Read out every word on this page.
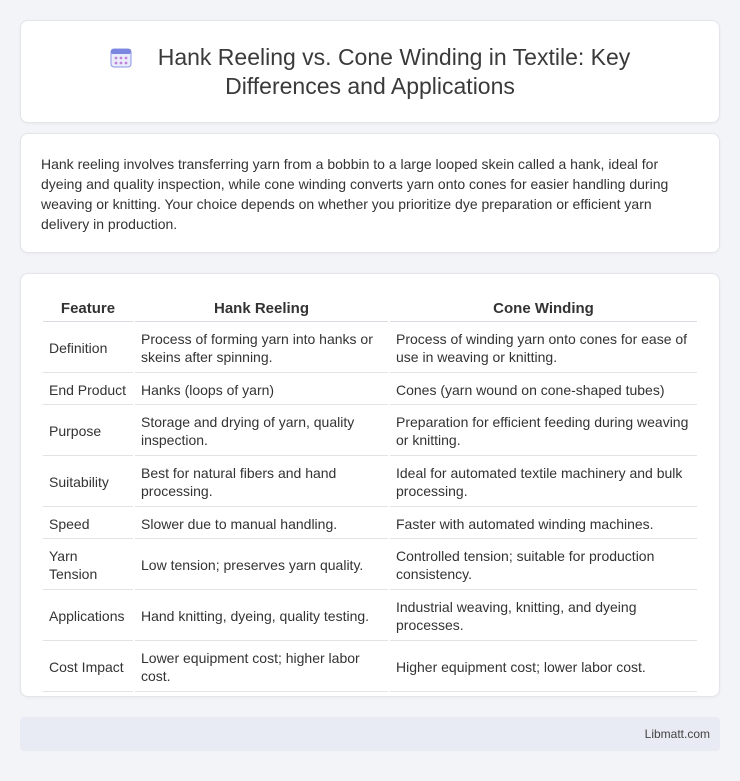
Hank Reeling vs. Cone Winding in Textile: Key Differences and Applications

Hank reeling involves transferring yarn from a bobbin to a large looped skein called a hank, ideal for dyeing and quality inspection, while cone winding converts yarn onto cones for easier handling during weaving or knitting. Your choice depends on whether you prioritize dye preparation or efficient yarn delivery in production.

Feature	Hank Reeling	Cone Winding
Definition	Process of forming yarn into hanks or skeins after spinning.	Process of winding yarn onto cones for ease of use in weaving or knitting.
End Product	Hanks (loops of yarn)	Cones (yarn wound on cone-shaped tubes)
Purpose	Storage and drying of yarn, quality inspection.	Preparation for efficient feeding during weaving or knitting.
Suitability	Best for natural fibers and hand processing.	Ideal for automated textile machinery and bulk processing.
Speed	Slower due to manual handling.	Faster with automated winding machines.
Yarn Tension	Low tension; preserves yarn quality.	Controlled tension; suitable for production consistency.
Applications	Hand knitting, dyeing, quality testing.	Industrial weaving, knitting, and dyeing processes.
Cost Impact	Lower equipment cost; higher labor cost.	Higher equipment cost; lower labor cost.
Libmatt.com
